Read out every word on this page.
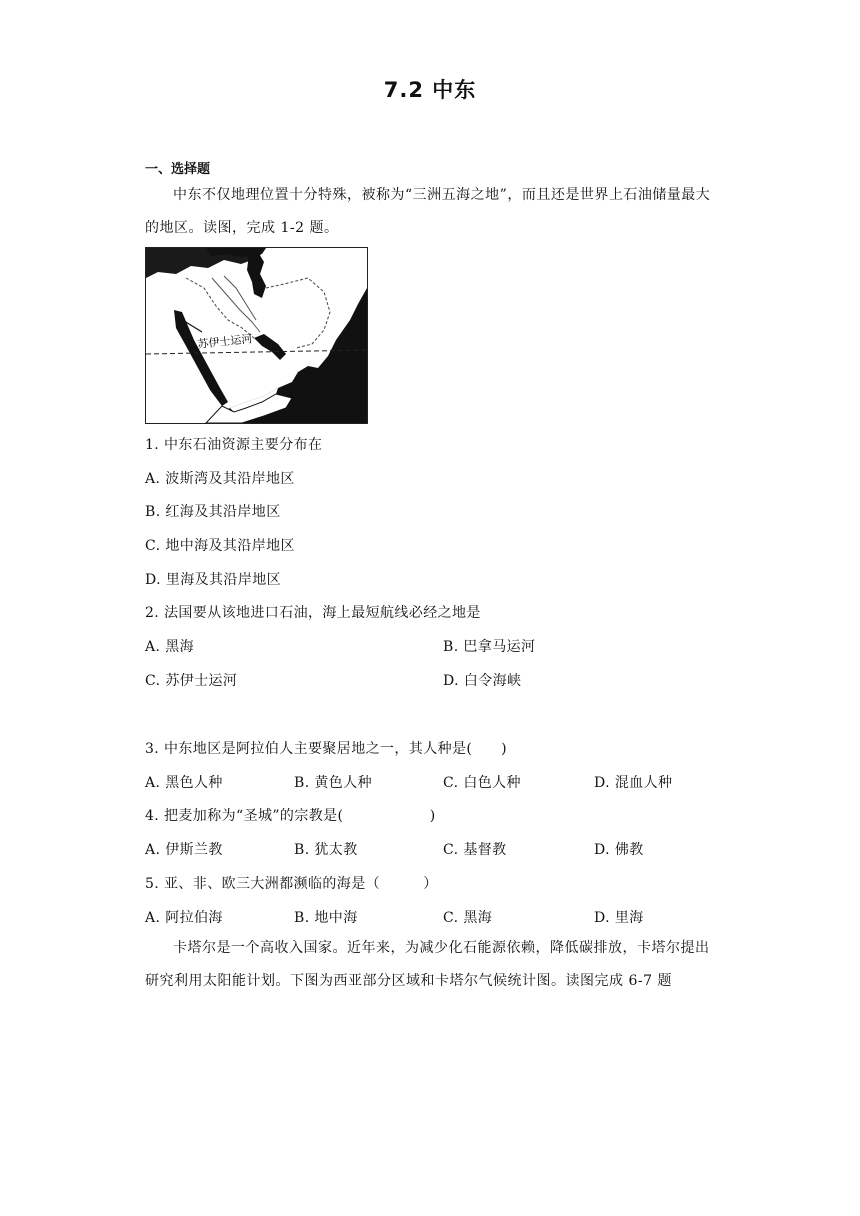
7.2 中东
一、选择题
中东不仅地理位置十分特殊，被称为“三洲五海之地”，而且还是世界上石油储量最大的地区。读图，完成 1-2 题。
苏伊士运河
1. 中东石油资源主要分布在
A. 波斯湾及其沿岸地区
B. 红海及其沿岸地区
C. 地中海及其沿岸地区
D. 里海及其沿岸地区
2. 法国要从该地进口石油，海上最短航线必经之地是
A. 黑海	B. 巴拿马运河
C. 苏伊士运河	D. 白令海峡
3. 中东地区是阿拉伯人主要聚居地之一，其人种是(　　)
A. 黑色人种	B. 黄色人种	C. 白色人种	D. 混血人种
4. 把麦加称为“圣城”的宗教是(　　　　　　)
A. 伊斯兰教	B. 犹太教	C. 基督教	D. 佛教
5. 亚、非、欧三大洲都濒临的海是（　　　）
A. 阿拉伯海	B. 地中海	C. 黑海	D. 里海
卡塔尔是一个高收入国家。近年来，为减少化石能源依赖，降低碳排放，卡塔尔提出研究利用太阳能计划。下图为西亚部分区域和卡塔尔气候统计图。读图完成 6-7 题
